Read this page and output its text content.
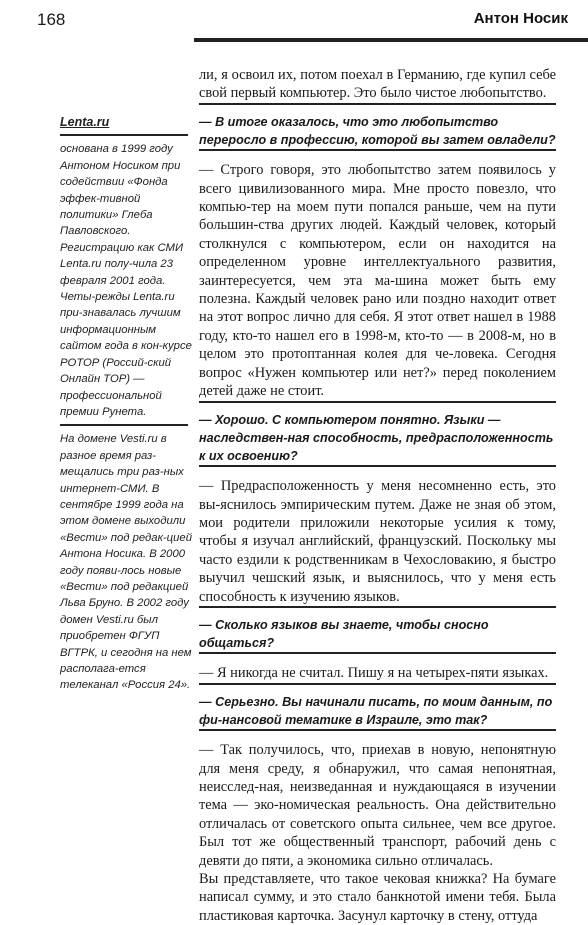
168	Антон Носик
Lenta.ru

основана в 1999 году Антоном Носиком при содействии «Фонда эффек-тивной политики» Глеба Павловского. Регистрацию как СМИ Lenta.ru полу-чила 23 февраля 2001 года. Четы-режды Lenta.ru при-знавалась лучшим информационным сайтом года в кон-курсе РОТОР (Россий-ский Онлайн ТОР) — профессиональной премии Рунета.

На домене Vesti.ru в разное время раз-мещались три раз-ных интернет-СМИ. В сентябре 1999 года на этом домене выходили «Вести» под редак-цией Антона Носика. В 2000 году появи-лось новые «Вести» под редакцией Льва Бруно. В 2002 году домен Vesti.ru был приобретен ФГУП ВГТРК, и сегодня на нем располага-ется телеканал «Россия 24».

ли, я освоил их, потом поехал в Германию, где купил себе свой первый компьютер. Это было чистое любопытство.

— В итоге оказалось, что это любопытство переросло в профессию, которой вы затем овладели?

— Строго говоря, это любопытство затем появилось у всего цивилизованного мира. Мне просто повезло, что компью-тер на моем пути попался раньше, чем на пути большин-ства других людей. Каждый человек, который столкнулся с компьютером, если он находится на определенном уровне интеллектуального развития, заинтересуется, чем эта ма-шина может быть ему полезна. Каждый человек рано или поздно находит ответ на этот вопрос лично для себя. Я этот ответ нашел в 1988 году, кто-то нашел его в 1998-м, кто-то — в 2008-м, но в целом это протоптанная колея для че-ловека. Сегодня вопрос «Нужен компьютер или нет?» перед поколением детей даже не стоит.

— Хорошо. С компьютером понятно. Языки — наследствен-ная способность, предрасположенность к их освоению?

— Предрасположенность у меня несомненно есть, это вы-яснилось эмпирическим путем. Даже не зная об этом, мои родители приложили некоторые усилия к тому, чтобы я изучал английский, французский. Поскольку мы часто ездили к родственникам в Чехословакию, я быстро выучил чешский язык, и выяснилось, что у меня есть способность к изучению языков.

— Сколько языков вы знаете, чтобы сносно общаться?

— Я никогда не считал. Пишу я на четырех-пяти языках.

— Серьезно. Вы начинали писать, по моим данным, по фи-нансовой тематике в Израиле, это так?

— Так получилось, что, приехав в новую, непонятную для меня среду, я обнаружил, что самая непонятная, неисслед-ная, неизведанная и нуждающаяся в изучении тема — эко-номическая реальность. Она действительно отличалась от советского опыта сильнее, чем все другое. Был тот же общественный транспорт, рабочий день с девяти до пяти, а экономика сильно отличалась.

Вы представляете, что такое чековая книжка? На бумаге написал сумму, и это стало банкнотой имени тебя. Была пластиковая карточка. Засунул карточку в стену, оттуда
